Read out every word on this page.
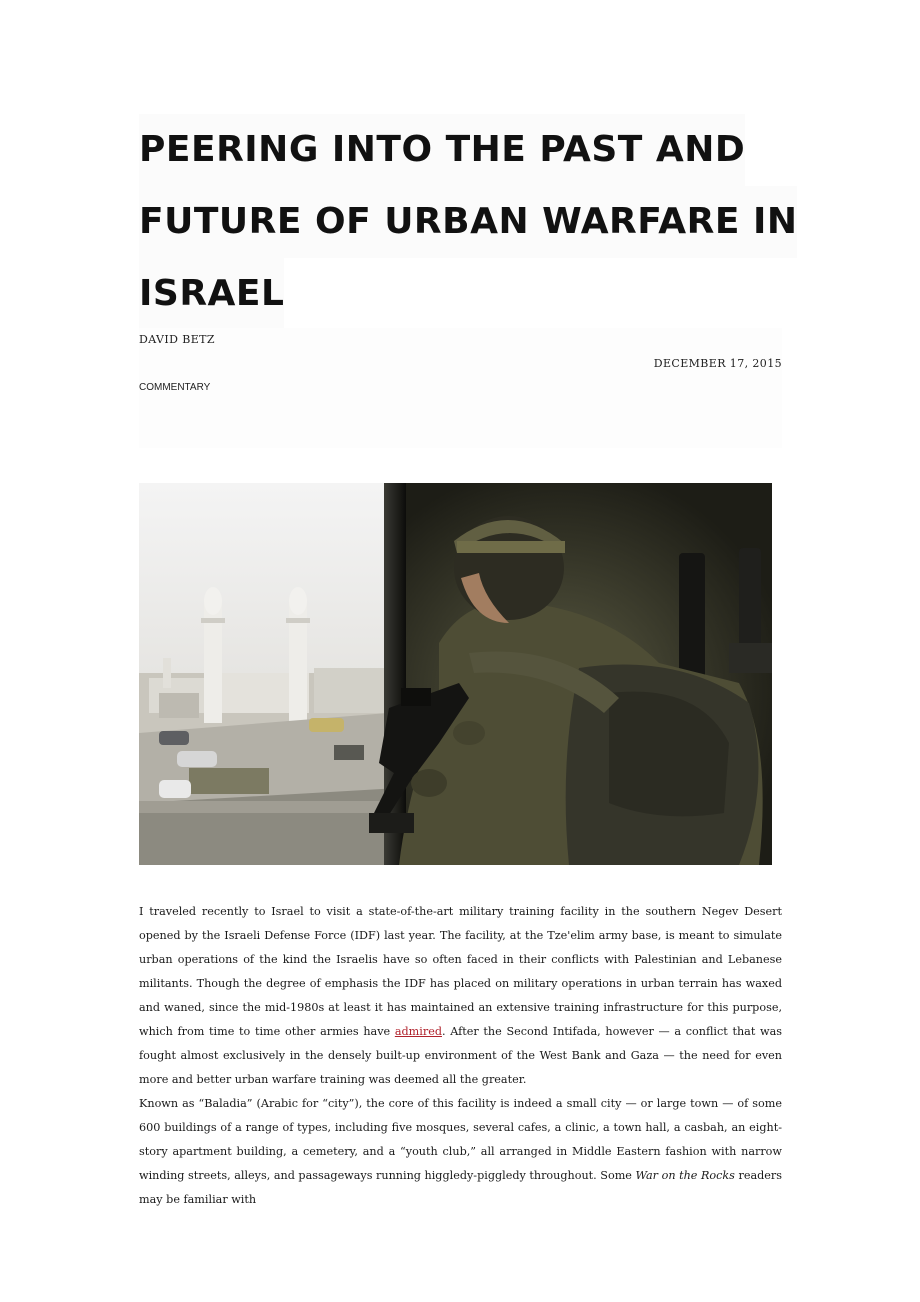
PEERING INTO THE PAST AND
FUTURE OF URBAN WARFARE IN
ISRAEL
DAVID BETZ
DECEMBER 17, 2015
COMMENTARY

I traveled recently to Israel to visit a state-of-the-art military training facility in the southern Negev Desert opened by the Israeli Defense Force (IDF) last year. The facility, at the Tze'elim army base, is meant to simulate urban operations of the kind the Israelis have so often faced in their conflicts with Palestinian and Lebanese militants. Though the degree of emphasis the IDF has placed on military operations in urban terrain has waxed and waned, since the mid-1980s at least it has maintained an extensive training infrastructure for this purpose, which from time to time other armies have admired. After the Second Intifada, however — a conflict that was fought almost exclusively in the densely built-up environment of the West Bank and Gaza — the need for even more and better urban warfare training was deemed all the greater.

Known as “Baladia” (Arabic for “city”), the core of this facility is indeed a small city — or large town — of some 600 buildings of a range of types, including five mosques, several cafes, a clinic, a town hall, a casbah, an eight-story apartment building, a cemetery, and a “youth club,” all arranged in Middle Eastern fashion with narrow winding streets, alleys, and passageways running higgledy-piggledy throughout. Some War on the Rocks readers may be familiar with
